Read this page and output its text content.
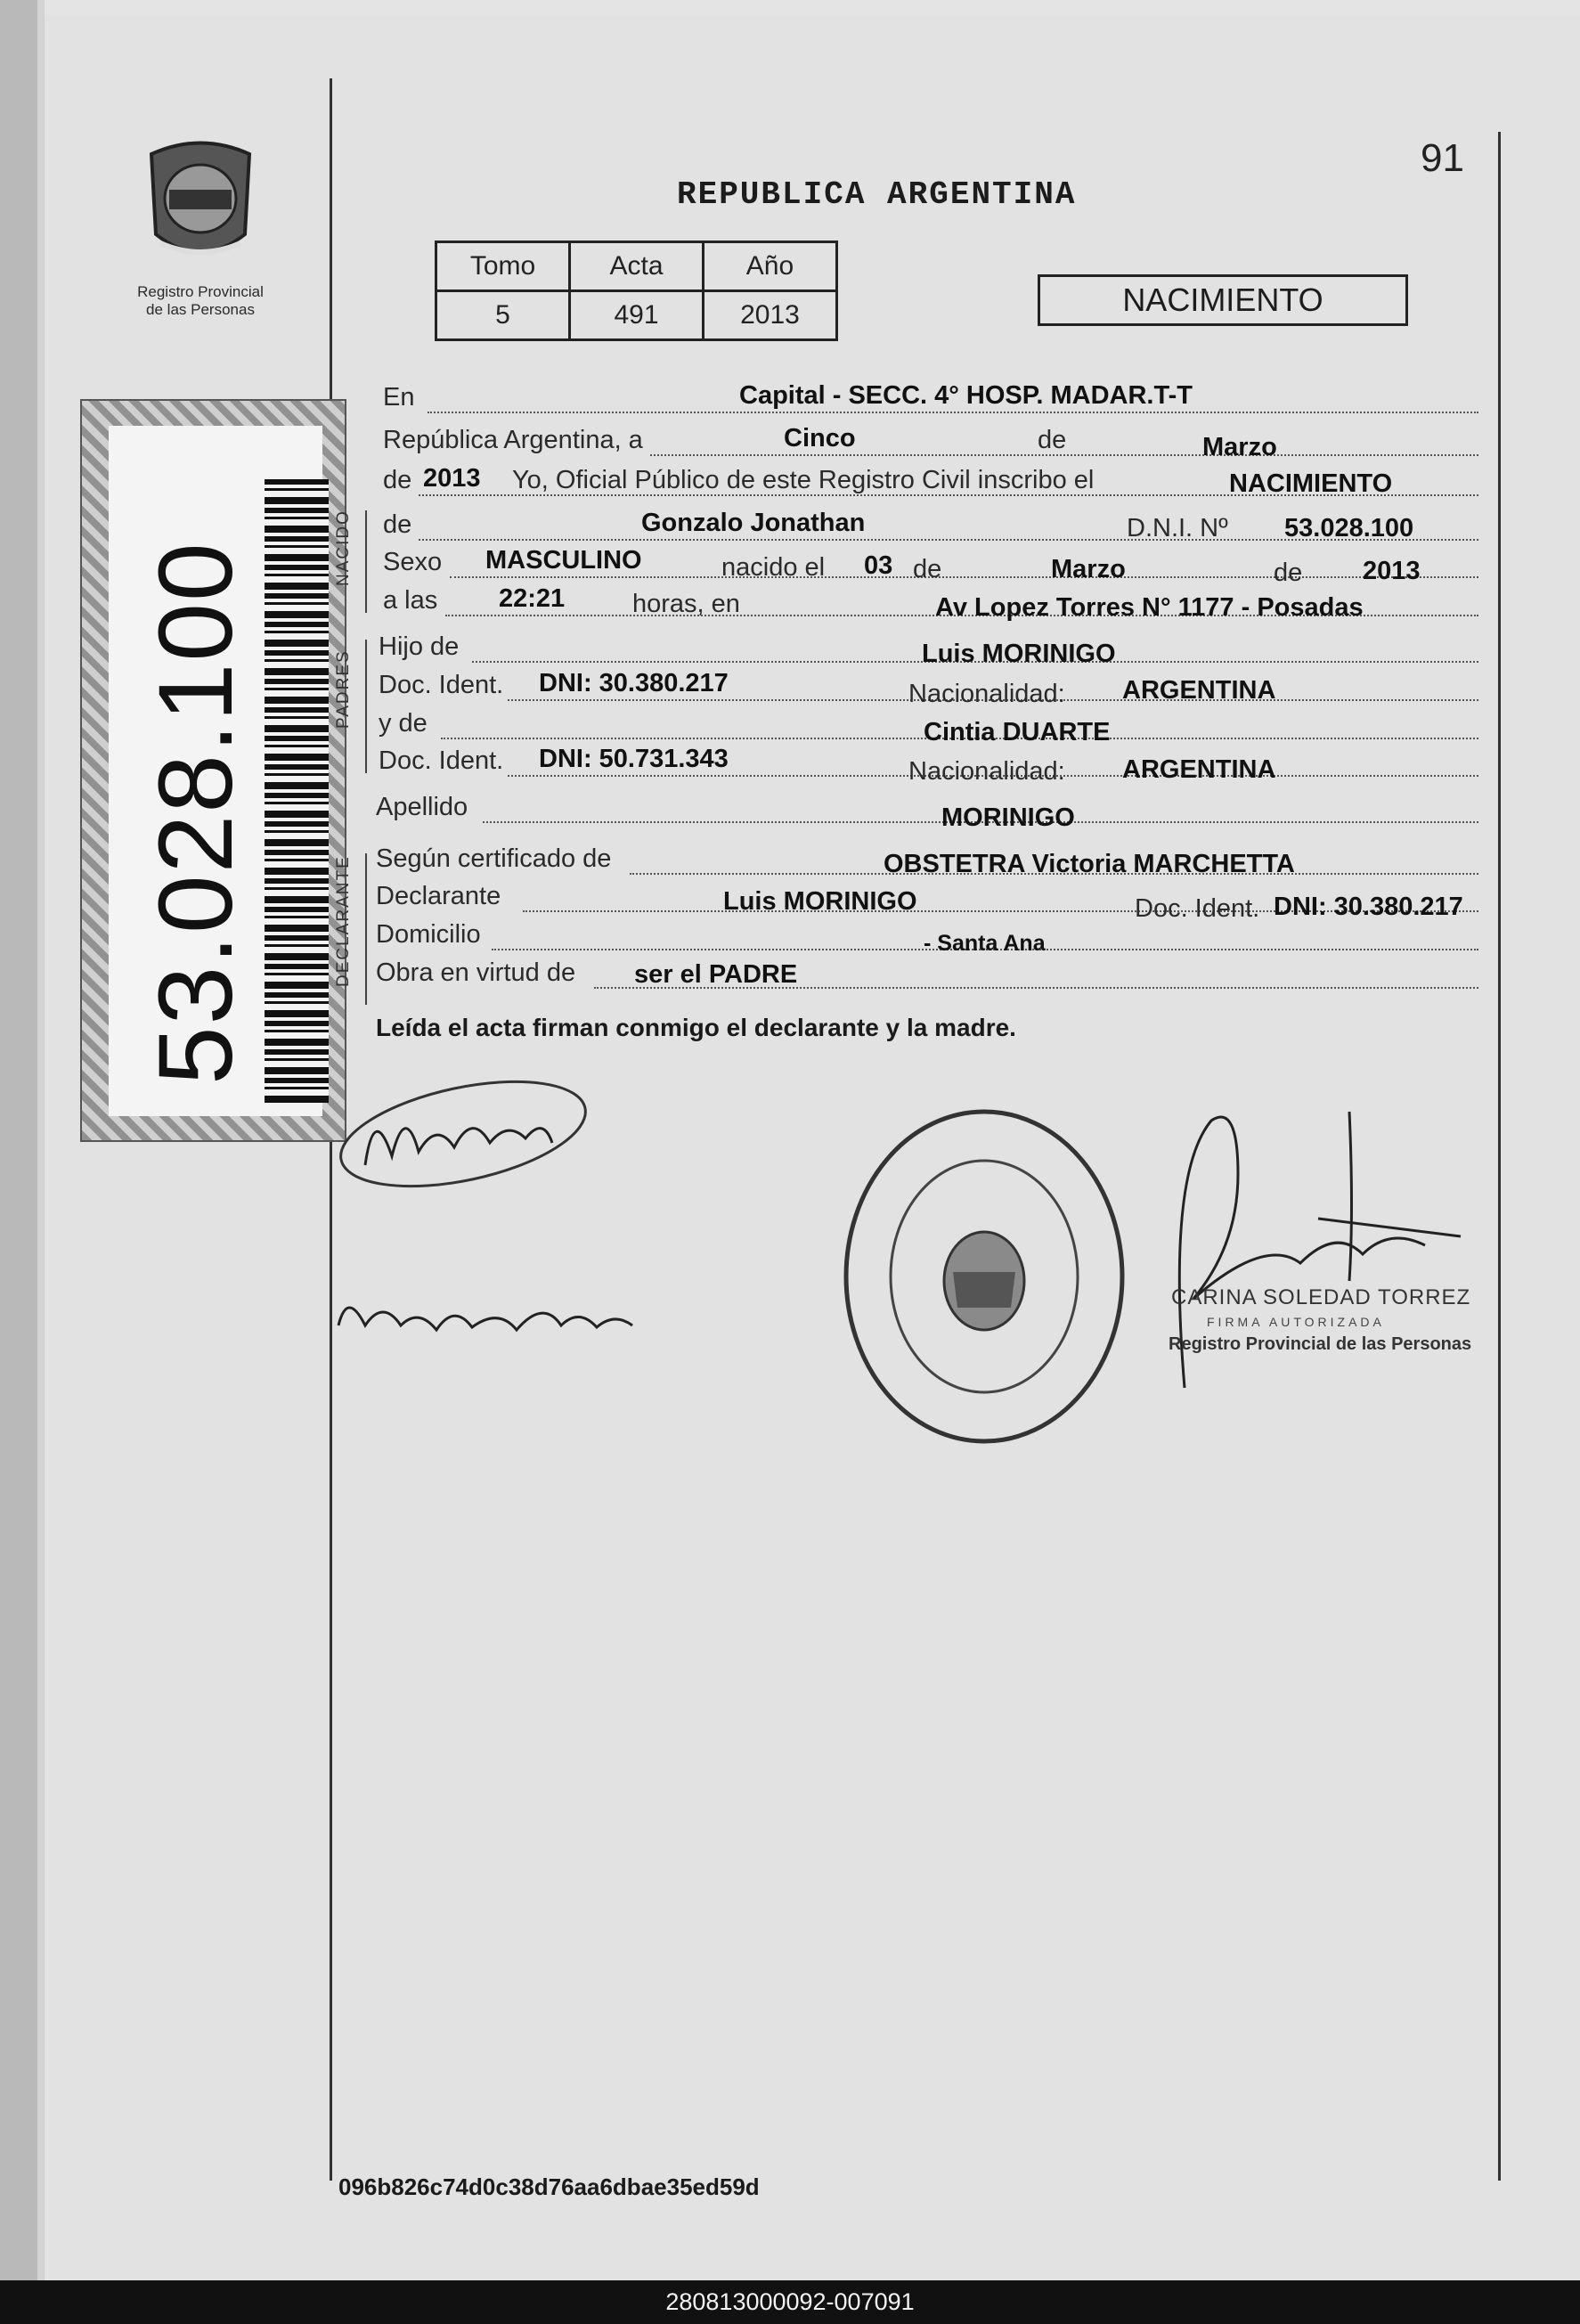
Registro Provincial
de las Personas
91
REPUBLICA ARGENTINA
Tomo	Acta	Año
5	491	2013	NACIMIENTO
53.028.100	NACIDO
PADRES
DECLARANTE
En	Capital - SECC. 4° HOSP. MADAR.T-T
República Argentina, a	Cinco	de	Marzo
de 2013 Yo, Oficial Público de este Registro Civil inscribo el	NACIMIENTO
de	Gonzalo Jonathan	D.N.I. Nº 53.028.100
Sexo MASCULINO	nacido el 03 de	Marzo	de 2013
a las 22:21	horas, en	Av Lopez Torres N° 1177 - Posadas
Hijo de	Luis MORINIGO
Doc. Ident. DNI: 30.380.217	Nacionalidad: ARGENTINA
y de	Cintia DUARTE
Doc. Ident. DNI: 50.731.343	Nacionalidad: ARGENTINA
Apellido	MORINIGO
Según certificado de	OBSTETRA Victoria MARCHETTA
Declarante	Luis MORINIGO	Doc. Ident. DNI: 30.380.217
Domicilio	- Santa Ana
Obra en virtud de ser el PADRE
Leída el acta firman conmigo el declarante y la madre.
CARINA SOLEDAD TORREZ
FIRMA AUTORIZADA
Registro Provincial de las Personas
096b826c74d0c38d76aa6dbae35ed59d
280813000092-007091
